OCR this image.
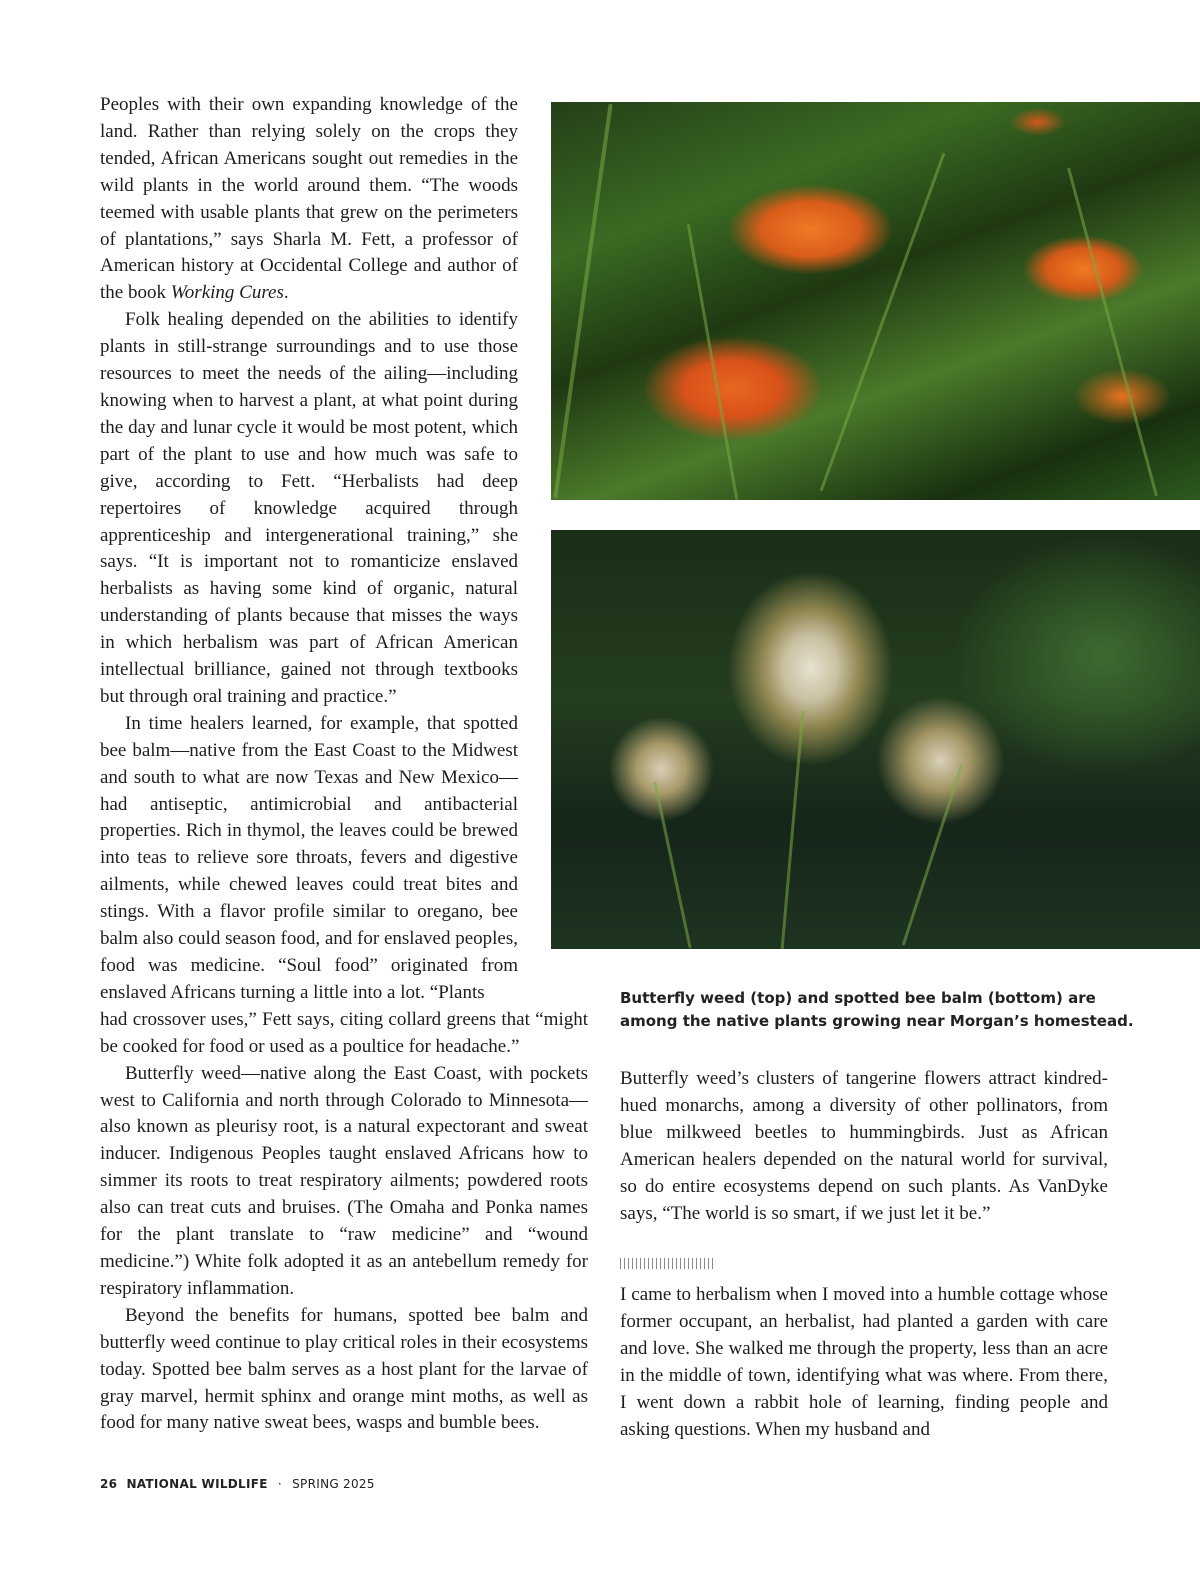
Peoples with their own expanding knowledge of the land. Rather than relying solely on the crops they tended, African Americans sought out remedies in the wild plants in the world around them. “The woods teemed with usable plants that grew on the perimeters of plantations,” says Sharla M. Fett, a professor of American history at Occidental College and author of the book Working Cures.

Folk healing depended on the abilities to identify plants in still-strange surroundings and to use those resources to meet the needs of the ailing—including knowing when to harvest a plant, at what point during the day and lunar cycle it would be most potent, which part of the plant to use and how much was safe to give, according to Fett. “Herbalists had deep repertoires of knowledge acquired through apprenticeship and intergenerational training,” she says. “It is important not to romanticize enslaved herbalists as having some kind of organic, natural understanding of plants because that misses the ways in which herbalism was part of African American intellectual brilliance, gained not through textbooks but through oral training and practice.”

In time healers learned, for example, that spotted bee balm—native from the East Coast to the Midwest and south to what are now Texas and New Mexico—had antiseptic, antimicrobial and antibacterial properties. Rich in thymol, the leaves could be brewed into teas to relieve sore throats, fevers and digestive ailments, while chewed leaves could treat bites and stings. With a flavor profile similar to oregano, bee balm also could season food, and for enslaved peoples, food was medicine. “Soul food” originated from enslaved Africans turning a little into a lot. “Plants

had crossover uses,” Fett says, citing collard greens that “might be cooked for food or used as a poultice for headache.”

Butterfly weed—native along the East Coast, with pockets west to California and north through Colorado to Minnesota—also known as pleurisy root, is a natural expectorant and sweat inducer. Indigenous Peoples taught enslaved Africans how to simmer its roots to treat respiratory ailments; powdered roots also can treat cuts and bruises. (The Omaha and Ponka names for the plant translate to “raw medicine” and “wound medicine.”) White folk adopted it as an antebellum remedy for respiratory inflammation.

Beyond the benefits for humans, spotted bee balm and butterfly weed continue to play critical roles in their ecosystems today. Spotted bee balm serves as a host plant for the larvae of gray marvel, hermit sphinx and orange mint moths, as well as food for many native sweat bees, wasps and bumble bees.

Butterfly weed (top) and spotted bee balm (bottom) are
among the native plants growing near Morgan’s homestead.

Butterfly weed’s clusters of tangerine flowers attract kindred-hued monarchs, among a diversity of other pollinators, from blue milkweed beetles to hummingbirds. Just as African American healers depended on the natural world for survival, so do entire ecosystems depend on such plants. As VanDyke says, “The world is so smart, if we just let it be.”

I came to herbalism when I moved into a humble cottage whose former occupant, an herbalist, had planted a garden with care and love. She walked me through the property, less than an acre in the middle of town, identifying what was where. From there, I went down a rabbit hole of learning, finding people and asking questions. When my husband and

26 NATIONAL WILDLIFE · SPRING 2025
